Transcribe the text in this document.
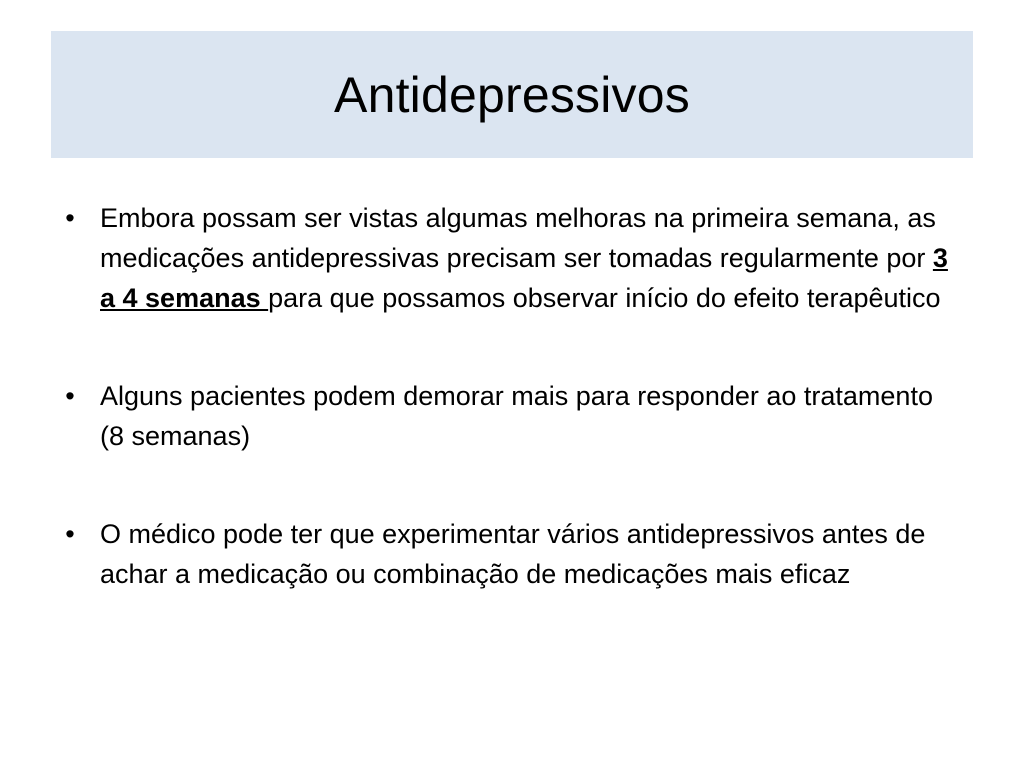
Antidepressivos
• Embora possam ser vistas algumas melhoras na primeira semana, as medicações antidepressivas precisam ser tomadas regularmente por 3 a 4 semanas para que possamos observar início do efeito terapêutico
• Alguns pacientes podem demorar mais para responder ao tratamento (8 semanas)
• O médico pode ter que experimentar vários antidepressivos antes de achar a medicação ou combinação de medicações mais eficaz
